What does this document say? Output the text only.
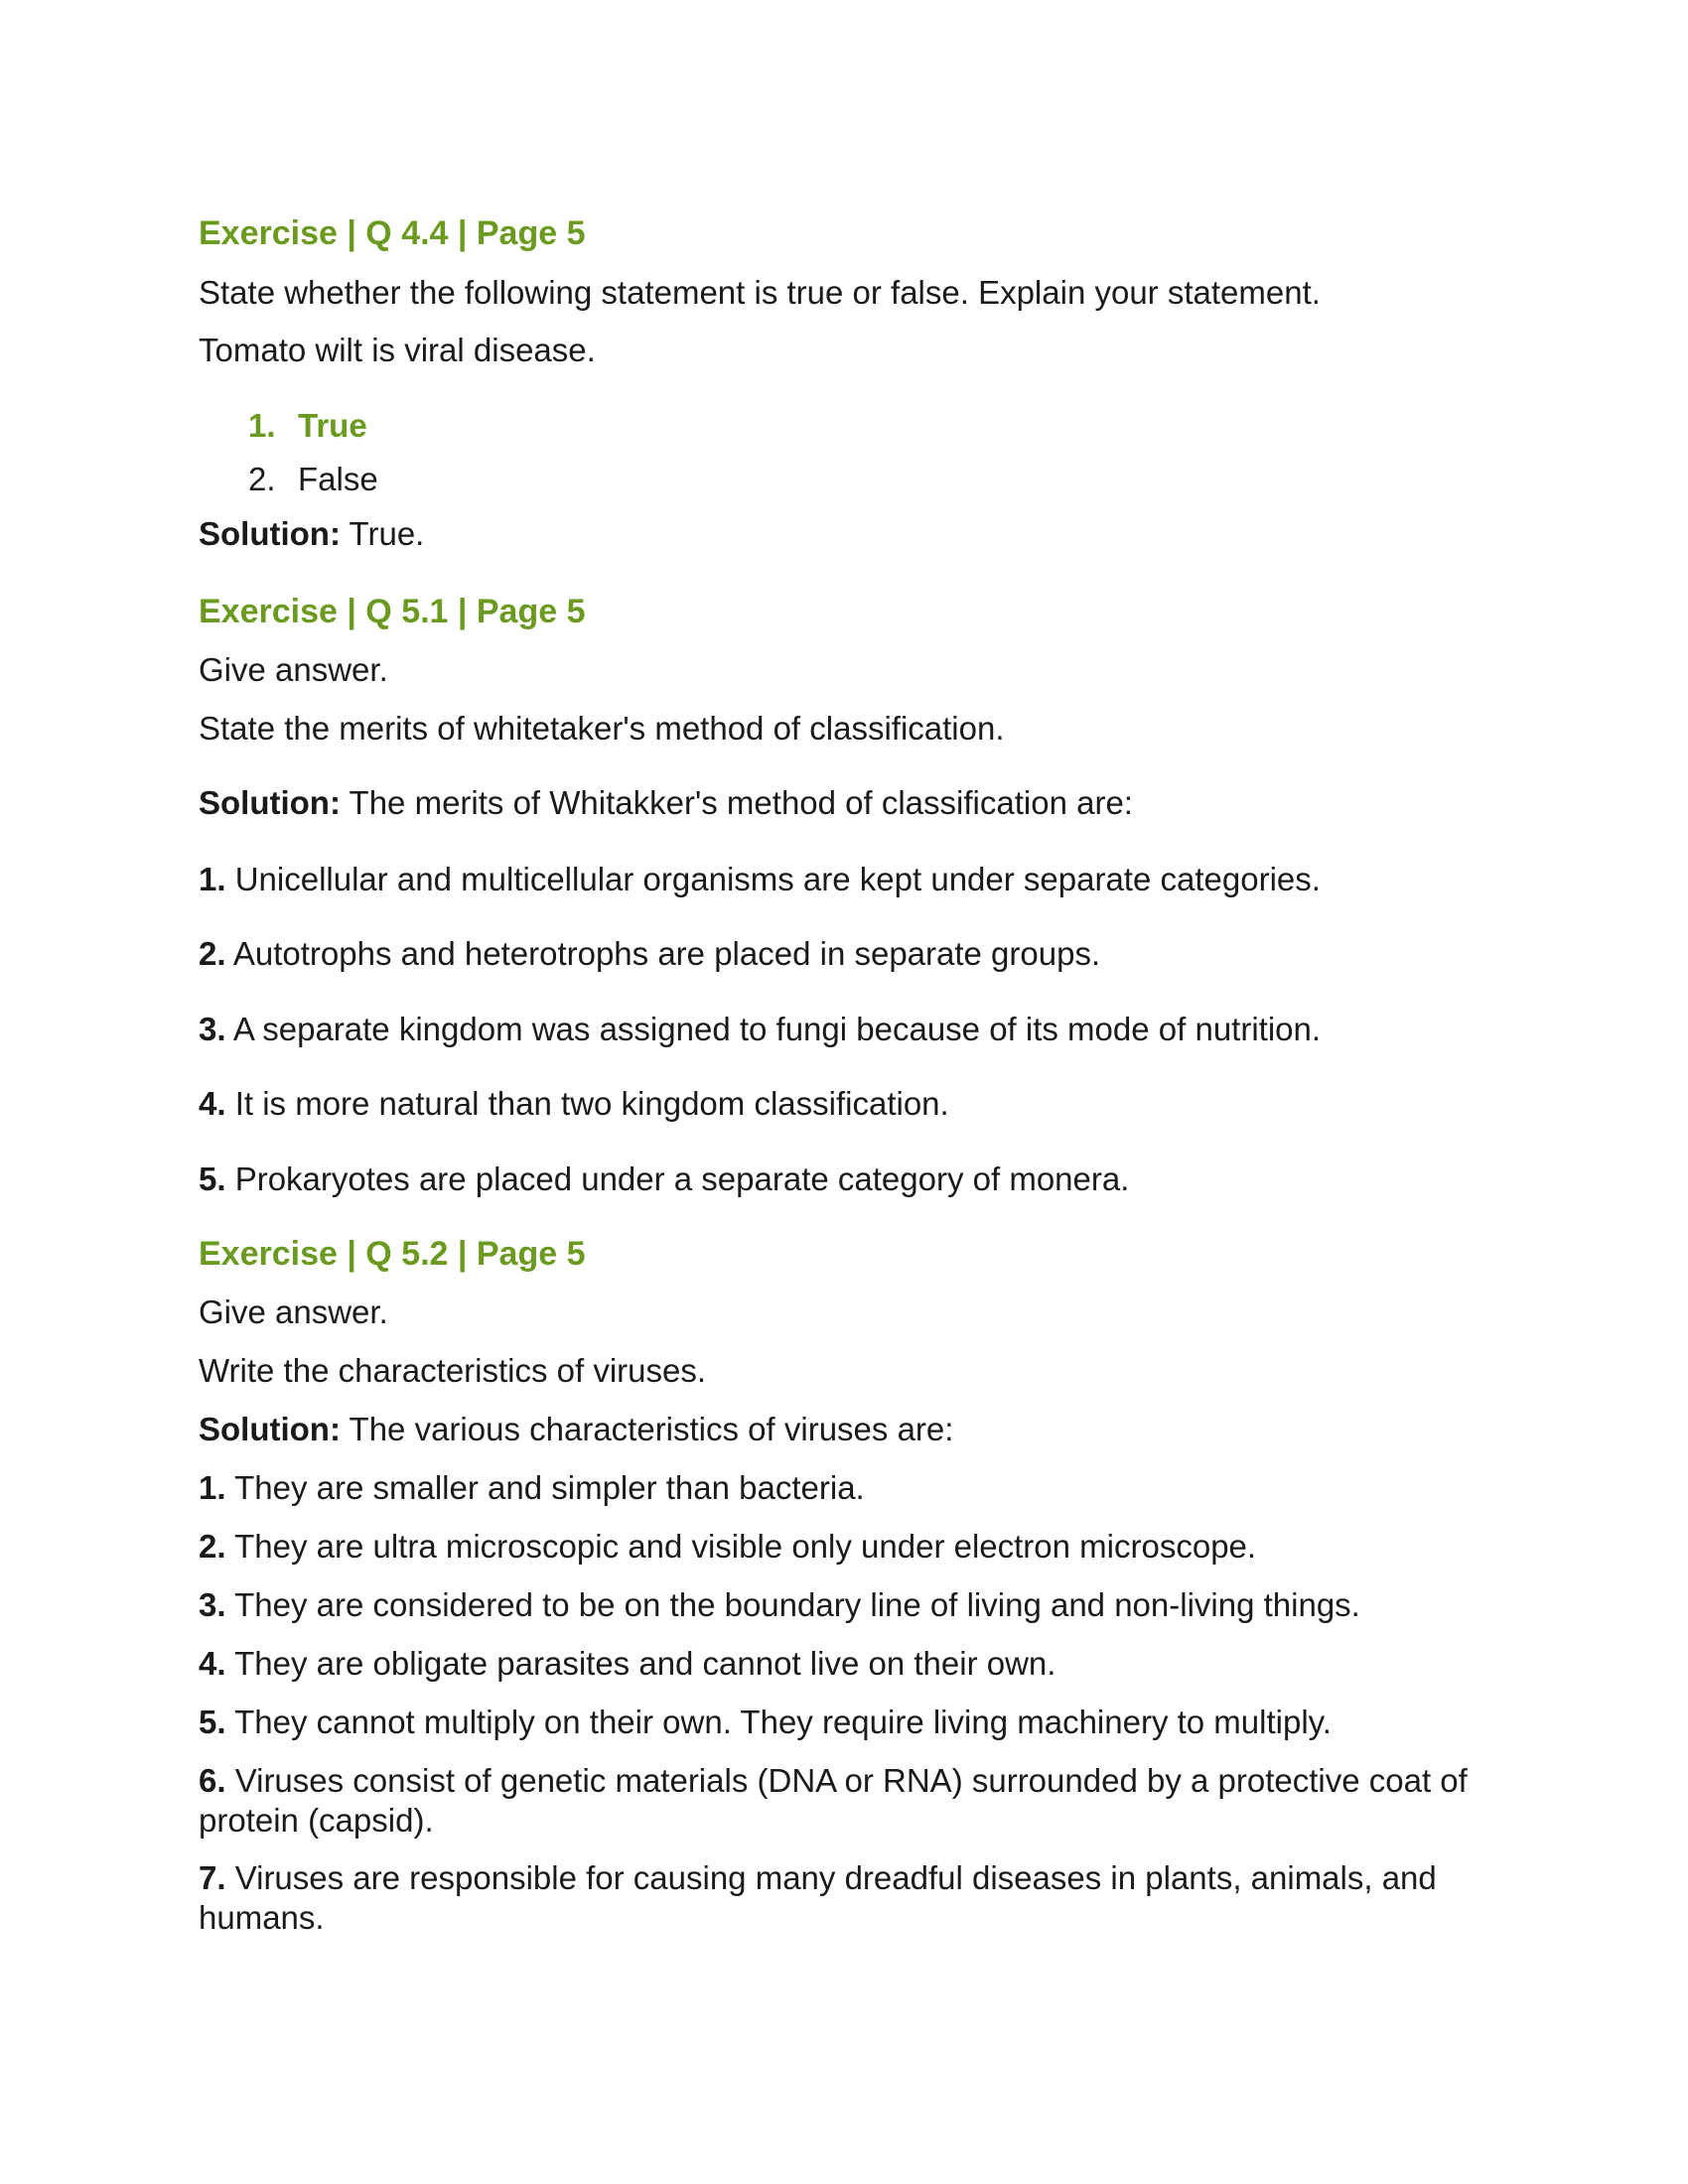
Exercise | Q 4.4 | Page 5

State whether the following statement is true or false. Explain your statement.

Tomato wilt is viral disease.

1. True
2. False

Solution: True.

Exercise | Q 5.1 | Page 5

Give answer.

State the merits of whitetaker's method of classification.

Solution: The merits of Whitakker's method of classification are:

1. Unicellular and multicellular organisms are kept under separate categories.

2. Autotrophs and heterotrophs are placed in separate groups.

3. A separate kingdom was assigned to fungi because of its mode of nutrition.

4. It is more natural than two kingdom classification.

5. Prokaryotes are placed under a separate category of monera.

Exercise | Q 5.2 | Page 5

Give answer.

Write the characteristics of viruses.

Solution: The various characteristics of viruses are:

1. They are smaller and simpler than bacteria.

2. They are ultra microscopic and visible only under electron microscope.

3. They are considered to be on the boundary line of living and non-living things.

4. They are obligate parasites and cannot live on their own.

5. They cannot multiply on their own. They require living machinery to multiply.

6. Viruses consist of genetic materials (DNA or RNA) surrounded by a protective coat of protein (capsid).

7. Viruses are responsible for causing many dreadful diseases in plants, animals, and humans.
